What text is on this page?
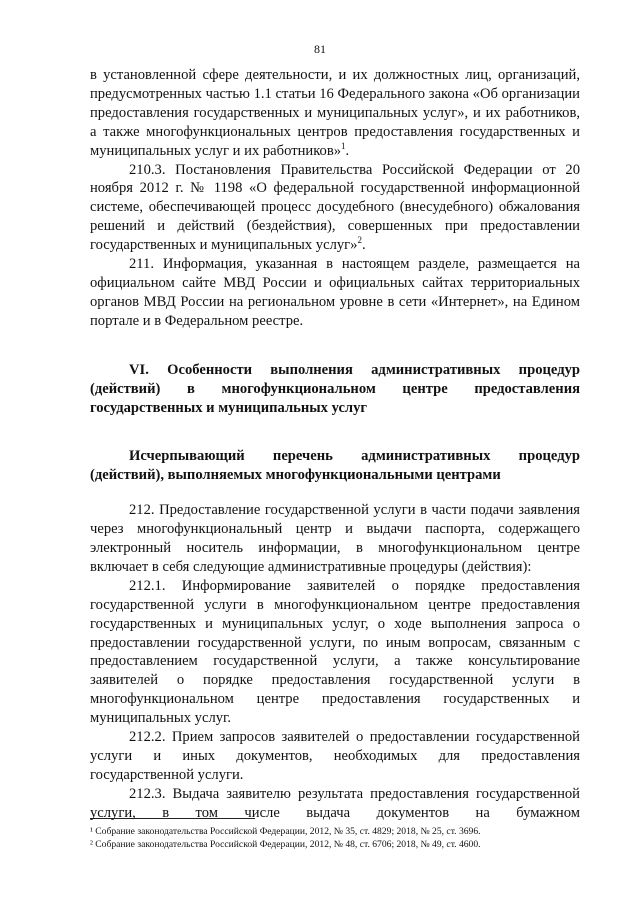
81

в установленной сфере деятельности, и их должностных лиц, организаций, предусмотренных частью 1.1 статьи 16 Федерального закона «Об организации предоставления государственных и муниципальных услуг», и их работников, а также многофункциональных центров предоставления государственных и муниципальных услуг и их работников»$^1$.

210.3. Постановления Правительства Российской Федерации от 20 ноября 2012 г. № 1198 «О федеральной государственной информационной системе, обеспечивающей процесс досудебного (внесудебного) обжалования решений и действий (бездействия), совершенных при предоставлении государственных и муниципальных услуг»$^2$.

211. Информация, указанная в настоящем разделе, размещается на официальном сайте МВД России и официальных сайтах территориальных органов МВД России на региональном уровне в сети «Интернет», на Едином портале и в Федеральном реестре.

VI. Особенности выполнения административных процедур (действий) в многофункциональном центре предоставления государственных и муниципальных услуг

Исчерпывающий перечень административных процедур (действий), выполняемых многофункциональными центрами

212. Предоставление государственной услуги в части подачи заявления через многофункциональный центр и выдачи паспорта, содержащего электронный носитель информации, в многофункциональном центре включает в себя следующие административные процедуры (действия):

212.1. Информирование заявителей о порядке предоставления государственной услуги в многофункциональном центре предоставления государственных и муниципальных услуг, о ходе выполнения запроса о предоставлении государственной услуги, по иным вопросам, связанным с предоставлением государственной услуги, а также консультирование заявителей о порядке предоставления государственной услуги в многофункциональном центре предоставления государственных и муниципальных услуг.

212.2. Прием запросов заявителей о предоставлении государственной услуги и иных документов, необходимых для предоставления государственной услуги.

212.3. Выдача заявителю результата предоставления государственной услуги, в том числе выдача документов на бумажном

¹ Собрание законодательства Российской Федерации, 2012, № 35, ст. 4829; 2018, № 25, ст. 3696.

² Собрание законодательства Российской Федерации, 2012, № 48, ст. 6706; 2018, № 49, ст. 4600.
